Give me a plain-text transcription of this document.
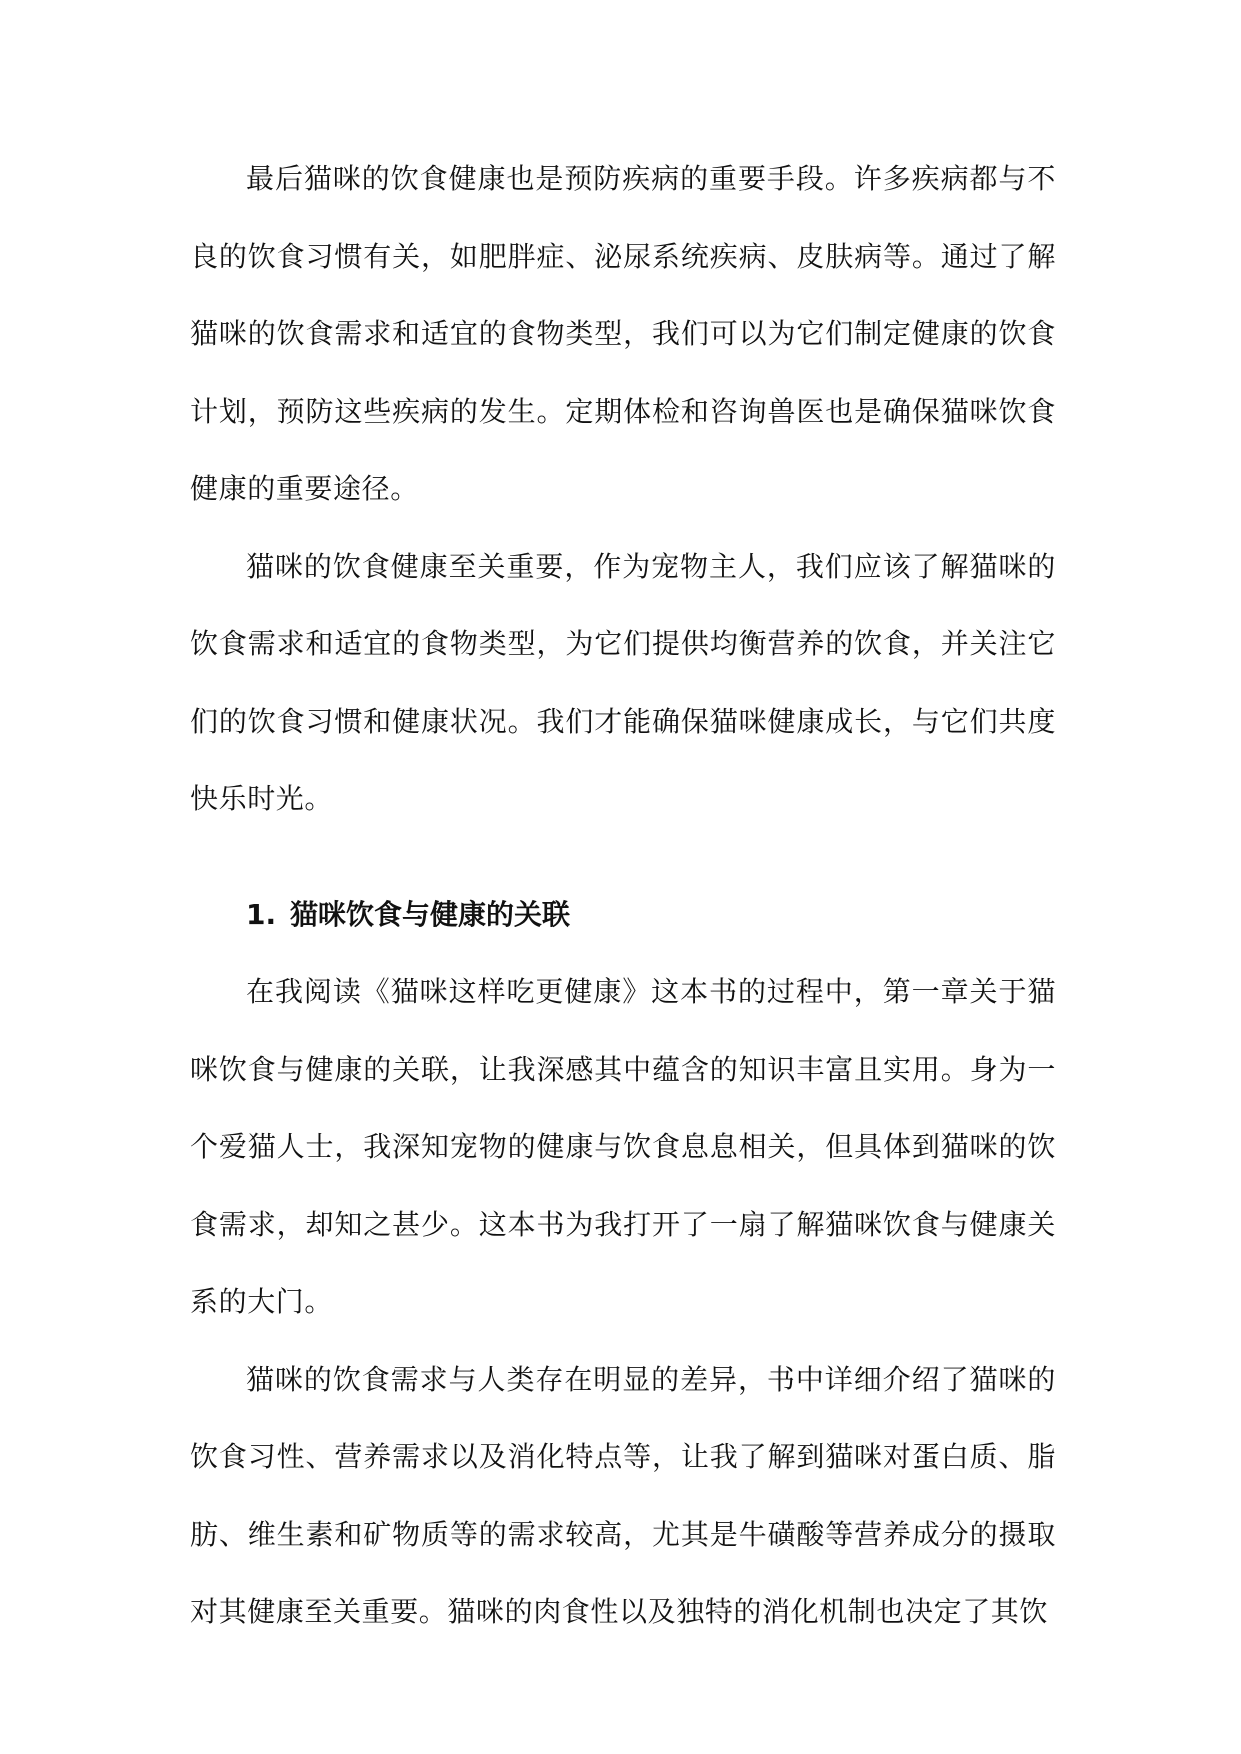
最后猫咪的饮食健康也是预防疾病的重要手段。许多疾病都与不良的饮食习惯有关，如肥胖症、泌尿系统疾病、皮肤病等。通过了解猫咪的饮食需求和适宜的食物类型，我们可以为它们制定健康的饮食计划，预防这些疾病的发生。定期体检和咨询兽医也是确保猫咪饮食健康的重要途径。

猫咪的饮食健康至关重要，作为宠物主人，我们应该了解猫咪的饮食需求和适宜的食物类型，为它们提供均衡营养的饮食，并关注它们的饮食习惯和健康状况。我们才能确保猫咪健康成长，与它们共度快乐时光。

1. 猫咪饮食与健康的关联

在我阅读《猫咪这样吃更健康》这本书的过程中，第一章关于猫咪饮食与健康的关联，让我深感其中蕴含的知识丰富且实用。身为一个爱猫人士，我深知宠物的健康与饮食息息相关，但具体到猫咪的饮食需求，却知之甚少。这本书为我打开了一扇了解猫咪饮食与健康关系的大门。

猫咪的饮食需求与人类存在明显的差异，书中详细介绍了猫咪的饮食习性、营养需求以及消化特点等，让我了解到猫咪对蛋白质、脂肪、维生素和矿物质等的需求较高，尤其是牛磺酸等营养成分的摄取对其健康至关重要。猫咪的肉食性以及独特的消化机制也决定了其饮
